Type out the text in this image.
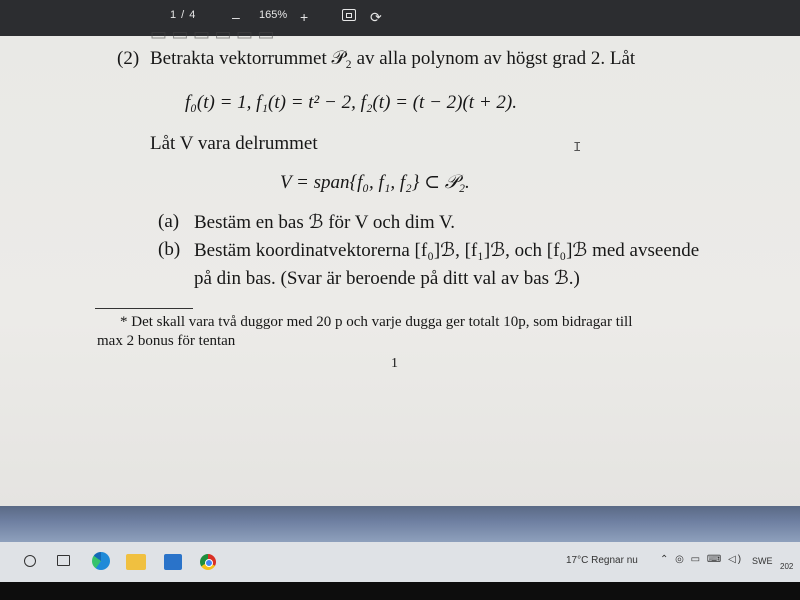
1 / 4	– 165% +	⟳
▭ ▭ ▭ ▭ ▭ ▭
(2) Betrakta vektorrummet 𝒫₂ av alla polynom av högst grad 2. Låt
f₀(t) = 1, f₁(t) = t² − 2, f₂(t) = (t − 2)(t + 2).
Låt V vara delrummet	I
V = span{f₀, f₁, f₂} ⊂ 𝒫₂.
(a) Bestäm en bas ℬ för V och dim V.
(b) Bestäm koordinatvektorerna [f₀]ℬ, [f₁]ℬ, och [f₀]ℬ med avseende
på din bas. (Svar är beroende på ditt val av bas ℬ.)
* Det skall vara två duggor med 20 p och varje dugga ger totalt 10p, som bidragar till
max 2 bonus för tentan
1
17°C Regnar nu ⌃ ◎ ▭ ⌨ ◁) SWE
202
